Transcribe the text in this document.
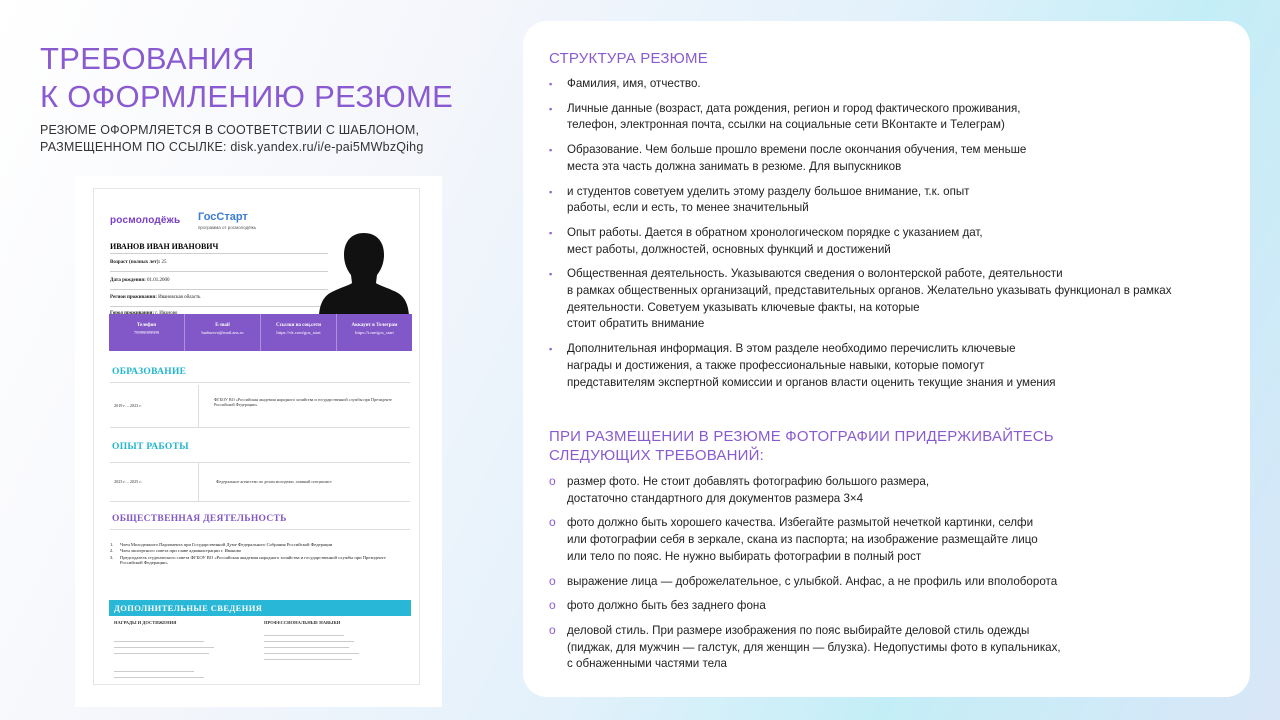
ТРЕБОВАНИЯ
К ОФОРМЛЕНИЮ РЕЗЮМЕ
РЕЗЮМЕ ОФОРМЛЯЕТСЯ В СООТВЕТСТВИИ С ШАБЛОНОМ,
РАЗМЕЩЕННОМ ПО ССЫЛКЕ: disk.yandex.ru/i/e-pai5MWbzQihg
росмолодёжь ГосСтарт
программа от росмолодёжь
ИВАНОВ ИВАН ИВАНОВИЧ
Возраст (полных лет): 25
Дата рождения: 01.01.2000
Регион проживания: Ивановская область
Телефон
79999999999
E-mail
budsueva@mail.ans.ru
Ссылки на соц.сети
https://vk.com/gos_start
Аккаунт в Телеграм
https://t.me/gos_start
ОБРАЗОВАНИЕ
2019 г. – 2023 г.
ФГБОУ ВО «Российская академия народного хозяйства и государственной службы при Президенте Российской Федерации»
ОПЫТ РАБОТЫ
2023 г. – 2025 г.	Федеральное агентство по делам молодежи, главный специалист
ОБЩЕСТВЕННАЯ ДЕЯТЕЛЬНОСТЬ
1. Член Молодежного Парламента при Государственной Думе Федерального Собрания Российской Федерации
2. Член экспертного совета при главе администрации г. Иваново
3. Председатель студенческого совета ФГБОУ ВО «Российская академия народного хозяйства и государственной службы при Президенте Российской Федерации»
ДОПОЛНИТЕЛЬНЫЕ СВЕДЕНИЯ
НАГРАДЫ И ДОСТИЖЕНИЯ	ПРОФЕССИОНАЛЬНЫЕ НАВЫКИ
СТРУКТУРА РЕЗЮМЕ
▪ Фамилия, имя, отчество.
▪ Личные данные (возраст, дата рождения, регион и город фактического проживания,
телефон, электронная почта, ссылки на социальные сети ВКонтакте и Телеграм)
▪ Образование. Чем больше прошло времени после окончания обучения, тем меньше
места эта часть должна занимать в резюме. Для выпускников
▪ и студентов советуем уделить этому разделу большое внимание, т.к. опыт
работы, если и есть, то менее значительный
▪ Опыт работы. Дается в обратном хронологическом порядке с указанием дат,
мест работы, должностей, основных функций и достижений
▪ Общественная деятельность. Указываются сведения о волонтерской работе, деятельности
в рамках общественных организаций, представительных органов. Желательно указывать функционал в рамках
деятельности. Советуем указывать ключевые факты, на которые
стоит обратить внимание
▪ Дополнительная информация. В этом разделе необходимо перечислить ключевые
награды и достижения, а также профессиональные навыки, которые помогут
представителям экспертной комиссии и органов власти оценить текущие знания и умения
ПРИ РАЗМЕЩЕНИИ В РЕЗЮМЕ ФОТОГРАФИИ ПРИДЕРЖИВАЙТЕСЬ
СЛЕДУЮЩИХ ТРЕБОВАНИЙ:
o размер фото. Не стоит добавлять фотографию большого размера,
достаточно стандартного для документов размера 3×4
o фото должно быть хорошего качества. Избегайте размытой нечеткой картинки, селфи
или фотографии себя в зеркале, скана из паспорта; на изображение размещайте лицо
или тело по пояс. Не нужно выбирать фотографии в полный рост
o выражение лица — доброжелательное, с улыбкой. Анфас, а не профиль или вполоборота
o фото должно быть без заднего фона
o деловой стиль. При размере изображения по пояс выбирайте деловой стиль одежды
(пиджак, для мужчин — галстук, для женщин — блузка). Недопустимы фото в купальниках,
с обнаженными частями тела
